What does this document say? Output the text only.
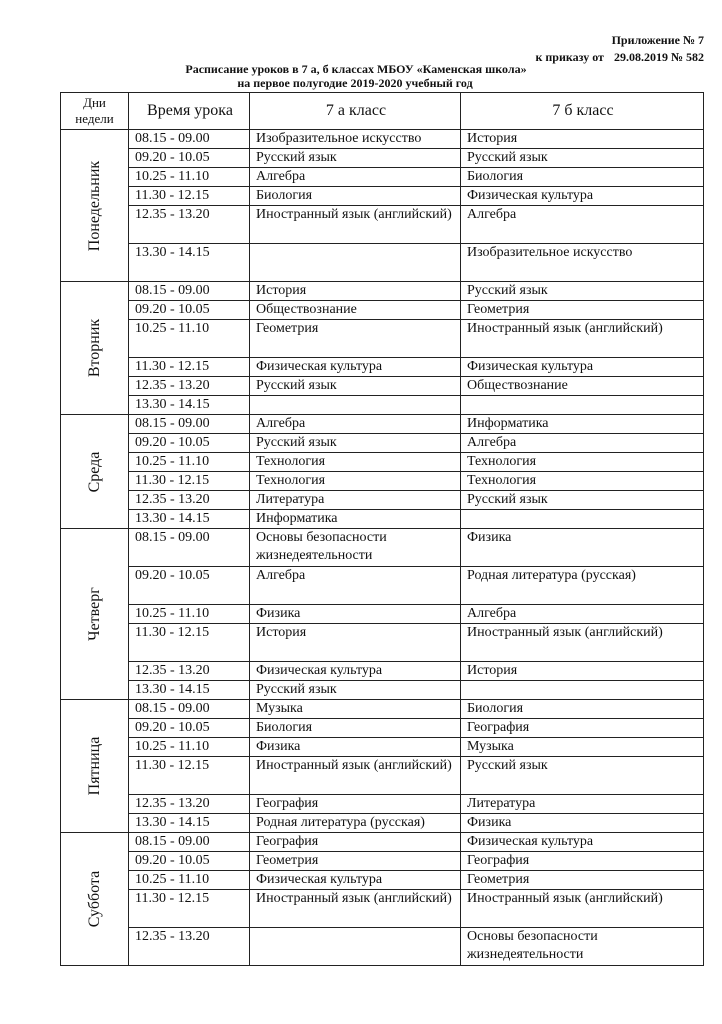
Приложение № 7
к приказу от 29.08.2019 № 582
Расписание уроков в 7 а, б классах МБОУ «Каменская школа»
на первое полугодие 2019-2020 учебный год
Дни
недели	Время урока	7 а класс	7 б класс

Понедельник	08.15 - 09.00	Изобразительное искусство	История
	09.20 - 10.05	Русский язык	Русский язык
	10.25 - 11.10	Алгебра	Биология
	11.30 - 12.15	Биология	Физическая культура
	12.35 - 13.20	Иностранный язык (английский)	Алгебра
	13.30 - 14.15		Изобразительное искусство

Вторник	08.15 - 09.00	История	Русский язык
	09.20 - 10.05	Обществознание	Геометрия
	10.25 - 11.10	Геометрия	Иностранный язык (английский)
	11.30 - 12.15	Физическая культура	Физическая культура
	12.35 - 13.20	Русский язык	Обществознание
	13.30 - 14.15		

Среда	08.15 - 09.00	Алгебра	Информатика
	09.20 - 10.05	Русский язык	Алгебра
	10.25 - 11.10	Технология	Технология
	11.30 - 12.15	Технология	Технология
	12.35 - 13.20	Литература	Русский язык
	13.30 - 14.15	Информатика	

Четверг	08.15 - 09.00	Основы безопасности жизнедеятельности	Физика
	09.20 - 10.05	Алгебра	Родная литература (русская)
	10.25 - 11.10	Физика	Алгебра
	11.30 - 12.15	История	Иностранный язык (английский)
	12.35 - 13.20	Физическая культура	История
	13.30 - 14.15	Русский язык	

Пятница	08.15 - 09.00	Музыка	Биология
	09.20 - 10.05	Биология	География
	10.25 - 11.10	Физика	Музыка
	11.30 - 12.15	Иностранный язык (английский)	Русский язык
	12.35 - 13.20	География	Литература
	13.30 - 14.15	Родная литература (русская)	Физика

Суббота	08.15 - 09.00	География	Физическая культура
	09.20 - 10.05	Геометрия	География
	10.25 - 11.10	Физическая культура	Геометрия
	11.30 - 12.15	Иностранный язык (английский)	Иностранный язык (английский)
	12.35 - 13.20		Основы безопасности жизнедеятельности
